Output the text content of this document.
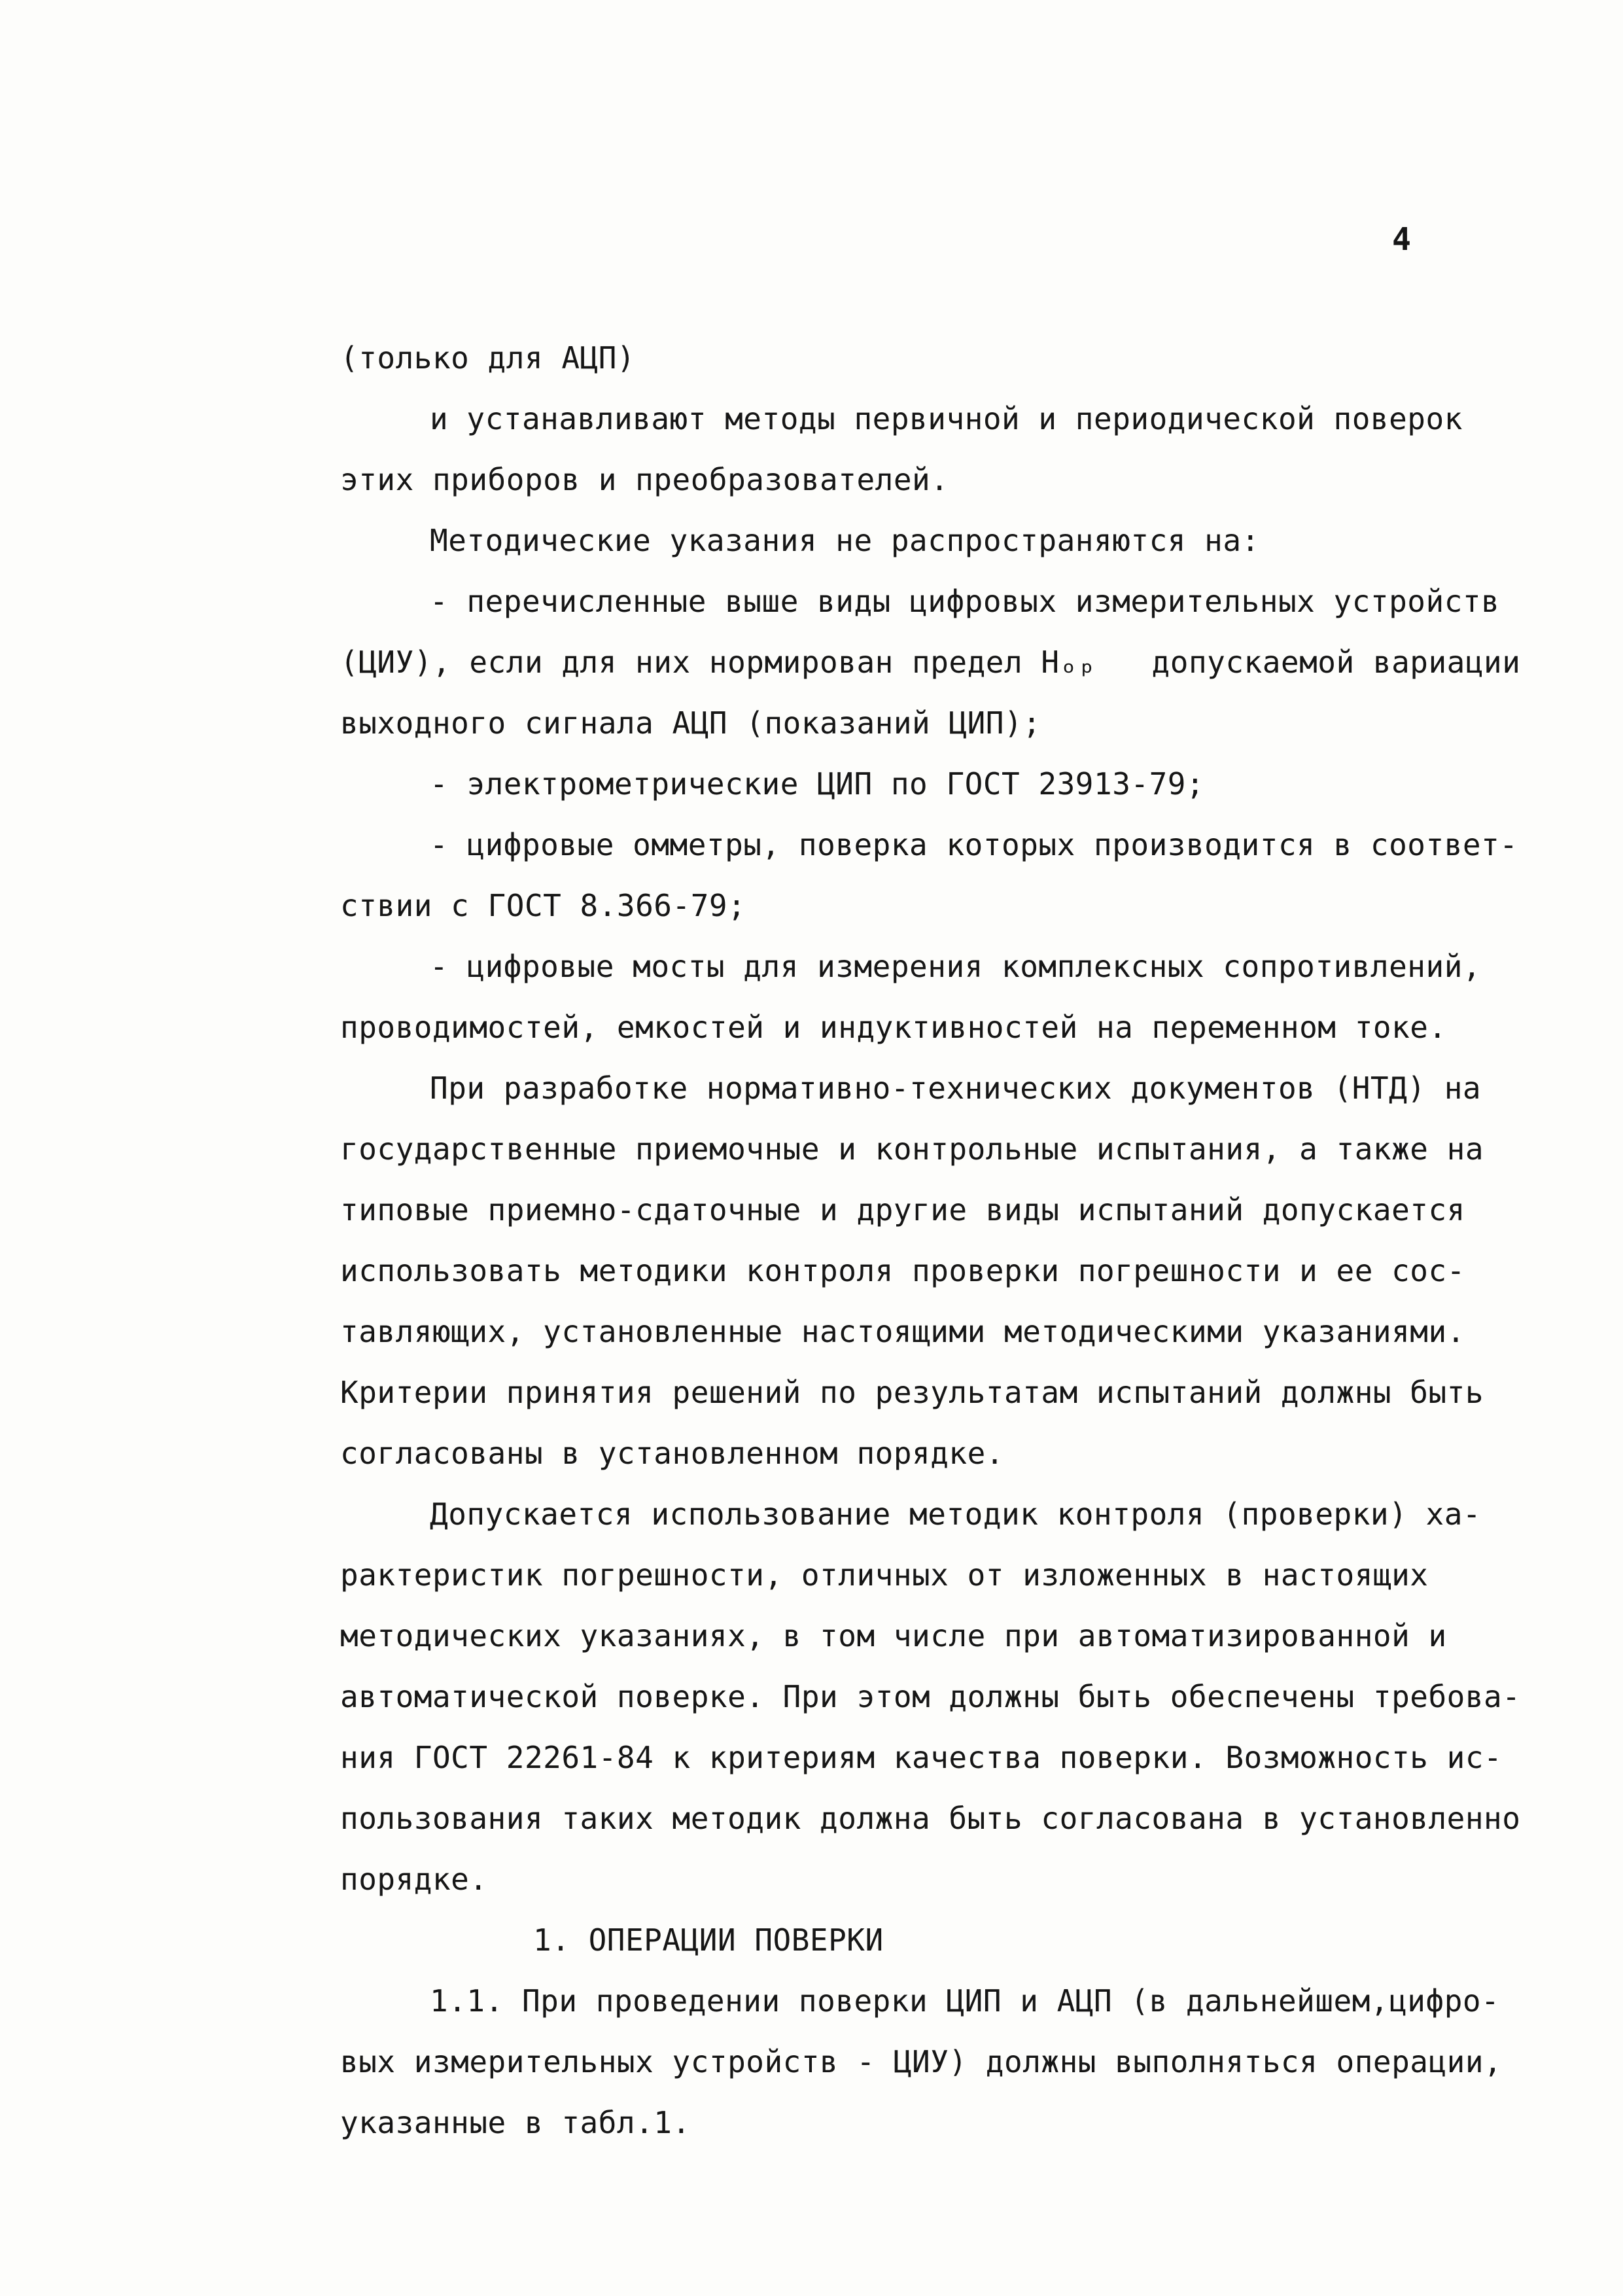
4
(только для АЦП)
и устанавливают методы первичной и периодической поверок
этих приборов и преобразователей.
Методические указания не распространяются на:
- перечисленные выше виды цифровых измерительных устройств
(ЦИУ), если для них нормирован предел Hₒₚ   допускаемой вариации
выходного сигнала АЦП (показаний ЦИП);
- электрометрические ЦИП по ГОСТ 23913-79;
- цифровые омметры, поверка которых производится в соответ-
ствии с ГОСТ 8.366-79;
- цифровые мосты для измерения комплексных сопротивлений,
проводимостей, емкостей и индуктивностей на переменном токе.
При разработке нормативно-технических документов (НТД) на
государственные приемочные и контрольные испытания, а также на
типовые приемно-сдаточные и другие виды испытаний допускается
использовать методики контроля проверки погрешности и ее сос-
тавляющих, установленные настоящими методическими указаниями.
Критерии принятия решений по результатам испытаний должны быть
согласованы в установленном порядке.
Допускается использование методик контроля (проверки) ха-
рактеристик погрешности, отличных от изложенных в настоящих
методических указаниях, в том числе при автоматизированной и
автоматической поверке. При этом должны быть обеспечены требова-
ния ГОСТ 22261-84 к критериям качества поверки. Возможность ис-
пользования таких методик должна быть согласована в установленно
порядке.
1. ОПЕРАЦИИ ПОВЕРКИ
1.1. При проведении поверки ЦИП и АЦП (в дальнейшем,цифро-
вых измерительных устройств - ЦИУ) должны выполняться операции,
указанные в табл.1.
